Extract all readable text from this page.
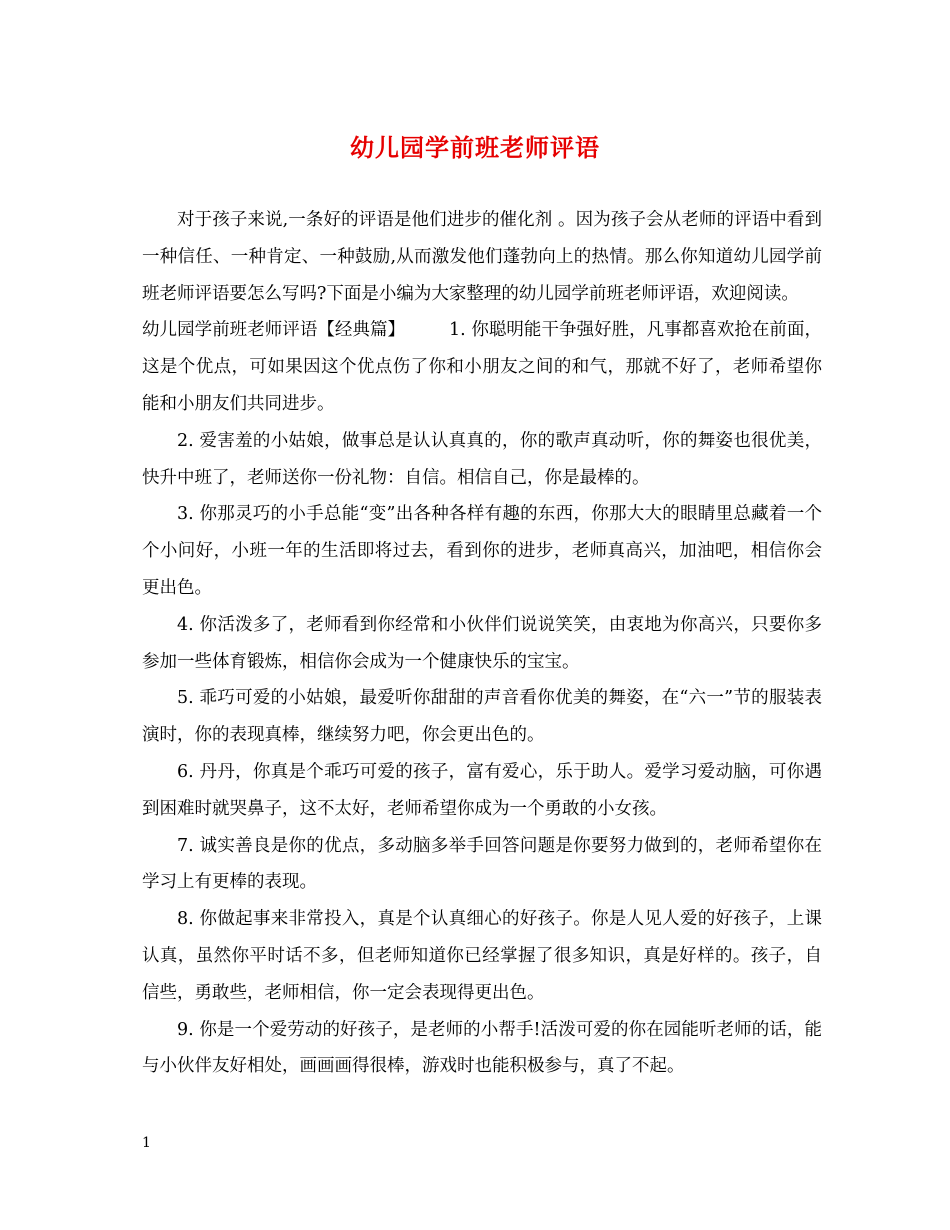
幼儿园学前班老师评语

对于孩子来说,一条好的评语是他们进步的催化剂 。因为孩子会从老师的评语中看到一种信任、一种肯定、一种鼓励,从而激发他们蓬勃向上的热情。那么你知道幼儿园学前班老师评语要怎么写吗?下面是小编为大家整理的幼儿园学前班老师评语，欢迎阅读。

幼儿园学前班老师评语【经典篇】	1. 你聪明能干争强好胜，凡事都喜欢抢在前面，这是个优点，可如果因这个优点伤了你和小朋友之间的和气，那就不好了，老师希望你能和小朋友们共同进步。

2. 爱害羞的小姑娘，做事总是认认真真的，你的歌声真动听，你的舞姿也很优美，快升中班了，老师送你一份礼物：自信。相信自己，你是最棒的。

3. 你那灵巧的小手总能“变”出各种各样有趣的东西，你那大大的眼睛里总藏着一个个小问好，小班一年的生活即将过去，看到你的进步，老师真高兴，加油吧，相信你会更出色。

4. 你活泼多了，老师看到你经常和小伙伴们说说笑笑，由衷地为你高兴，只要你多参加一些体育锻炼，相信你会成为一个健康快乐的宝宝。

5. 乖巧可爱的小姑娘，最爱听你甜甜的声音看你优美的舞姿，在“六一”节的服装表演时，你的表现真棒，继续努力吧，你会更出色的。

6. 丹丹，你真是个乖巧可爱的孩子，富有爱心，乐于助人。爱学习爱动脑，可你遇到困难时就哭鼻子，这不太好，老师希望你成为一个勇敢的小女孩。

7. 诚实善良是你的优点，多动脑多举手回答问题是你要努力做到的，老师希望你在学习上有更棒的表现。

8. 你做起事来非常投入，真是个认真细心的好孩子。你是人见人爱的好孩子，上课认真，虽然你平时话不多，但老师知道你已经掌握了很多知识，真是好样的。孩子，自信些，勇敢些，老师相信，你一定会表现得更出色。

9. 你是一个爱劳动的好孩子，是老师的小帮手!活泼可爱的你在园能听老师的话，能与小伙伴友好相处，画画画得很棒，游戏时也能积极参与，真了不起。

1
